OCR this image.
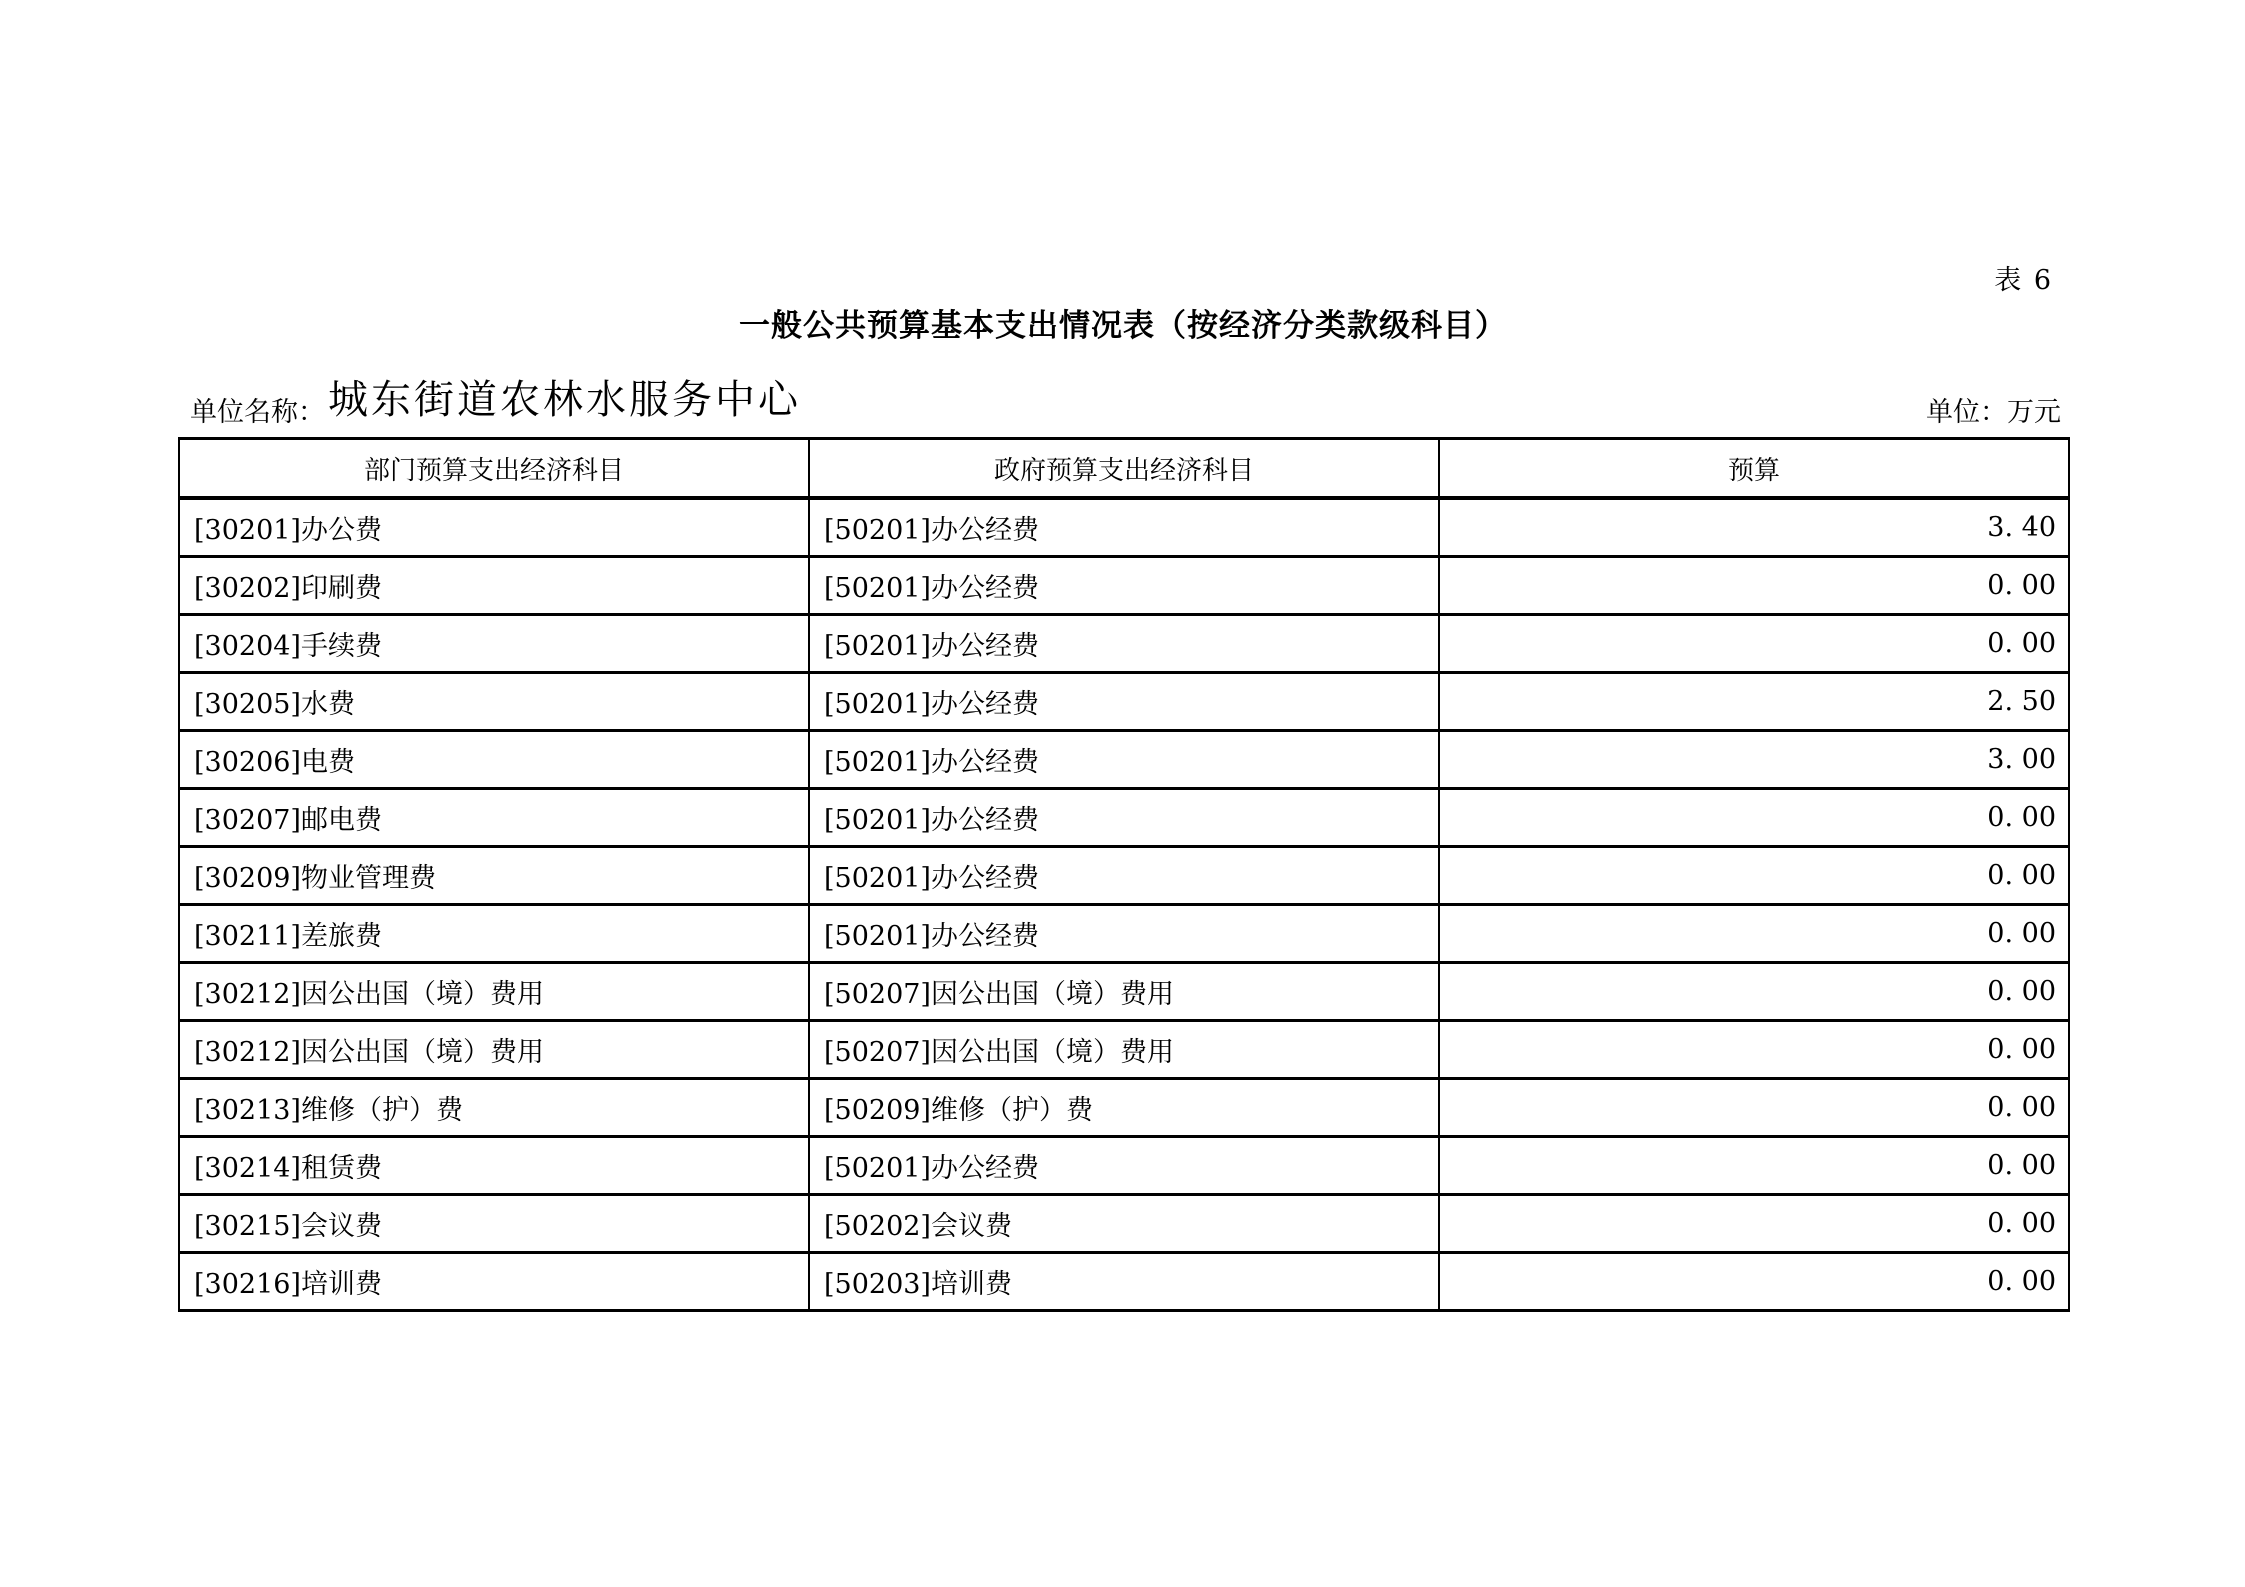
表 6
一般公共预算基本支出情况表（按经济分类款级科目）
单位名称： 城东街道农林水服务中心	单位：万元
部门预算支出经济科目	政府预算支出经济科目	预算
[30201]办公费	[50201]办公经费	3. 40
[30202]印刷费	[50201]办公经费	0. 00
[30204]手续费	[50201]办公经费	0. 00
[30205]水费	[50201]办公经费	2. 50
[30206]电费	[50201]办公经费	3. 00
[30207]邮电费	[50201]办公经费	0. 00
[30209]物业管理费	[50201]办公经费	0. 00
[30211]差旅费	[50201]办公经费	0. 00
[30212]因公出国（境）费用	[50207]因公出国（境）费用	0. 00
[30212]因公出国（境）费用	[50207]因公出国（境）费用	0. 00
[30213]维修（护）费	[50209]维修（护）费	0. 00
[30214]租赁费	[50201]办公经费	0. 00
[30215]会议费	[50202]会议费	0. 00
[30216]培训费	[50203]培训费	0. 00
